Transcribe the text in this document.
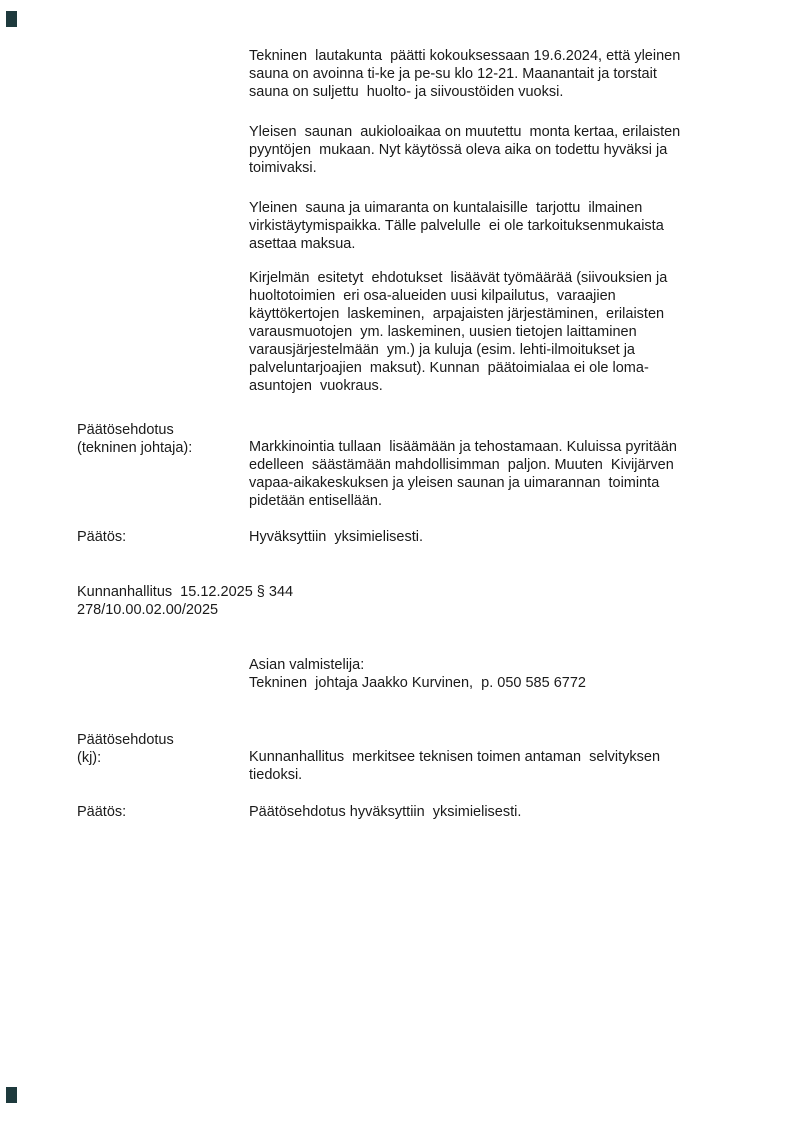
Tekninen  lautakunta  päätti kokouksessaan 19.6.2024, että yleinen
sauna on avoinna ti-ke ja pe-su klo 12-21. Maanantait ja torstait
sauna on suljettu  huolto- ja siivoustöiden vuoksi.
Yleisen  saunan  aukioloaikaa on muutettu  monta kertaa, erilaisten
pyyntöjen  mukaan. Nyt käytössä oleva aika on todettu hyväksi ja
toimivaksi.
Yleinen  sauna ja uimaranta on kuntalaisille  tarjottu  ilmainen
virkistäytymispaikka. Tälle palvelulle  ei ole tarkoituksenmukaista
asettaa maksua.
Kirjelmän  esitetyt  ehdotukset  lisäävät työmäärää (siivouksien ja
huoltotoimien  eri osa-alueiden uusi kilpailutus,  varaajien
käyttökertojen  laskeminen,  arpajaisten järjestäminen,  erilaisten
varausmuotojen  ym. laskeminen, uusien tietojen laittaminen
varausjärjestelmään  ym.) ja kuluja (esim. lehti-ilmoitukset ja
palveluntarjoajien  maksut). Kunnan  päätoimialaa ei ole loma-
asuntojen  vuokraus.
Päätösehdotus
(tekninen johtaja):	Markkinointia tullaan  lisäämään ja tehostamaan. Kuluissa pyritään
edelleen  säästämään mahdollisimman  paljon. Muuten  Kivijärven
vapaa-aikakeskuksen ja yleisen saunan ja uimarannan  toiminta
pidetään entisellään.
Päätös:	Hyväksyttiin  yksimielisesti.
Kunnanhallitus  15.12.2025 § 344
278/10.00.02.00/2025
Asian valmistelija:
Tekninen  johtaja Jaakko Kurvinen,  p. 050 585 6772
Päätösehdotus
(kj):	Kunnanhallitus  merkitsee teknisen toimen antaman  selvityksen
tiedoksi.
Päätös:	Päätösehdotus hyväksyttiin  yksimielisesti.
